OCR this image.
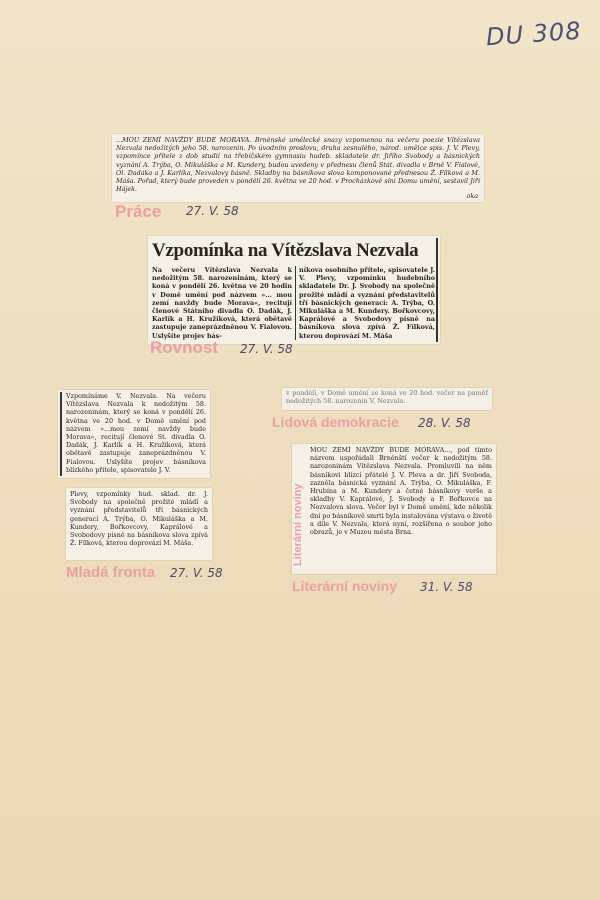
DU 308
...MOU ZEMÍ NAVŽDY BUDE MORAVA. Brněnské umělecké snazy vzpomenou na večeru poezie Vítězslava Nezvala nedožitých jeho 58. narozenin. Po úvodním proslovu, druha zesnulého, národ. umělce spis. J. V. Plevy, vzpomínce přítele z dob studií na třebíčském gymnasiu hudeb. skladatele dr. Jiřího Svobody a básnických vyznání A. Trýba, O. Mikuláška a M. Kundery, budou uvedeny v přednesu členů Stát. divadla v Brně V. Fialové, Ol. Dadáka a J. Karlíka, Nezvalovy básně. Skladby na básníkova slova komponované přednesou Ž. Fílková a M. Máša. Pořad, který bude proveden v pondělí 26. května ve 20 hod. v Procházkově síni Domu umění, sestavil Jiří Hájek.
oka
Práce 27. V. 58
Vzpomínka na Vítězslava Nezvala
Na večeru Vítězslava Nezvala k nedožitým 58. narozeninám, který se koná v pondělí 26. května ve 20 hodin v Domě umění pod názvem »... mou zemí navždy bude Morava«, recitují členové Státního divadla O. Dadák, J. Karlík a H. Kružíková, která obětavě zastupuje zaneprázdněnou V. Fialovou. Uslyšíte projev bás-
níkova osobního přítele, spisovatele J. V. Plevy, vzpomínku hudebního skladatele Dr. J. Svobody na společně prožité mládí a vyznání představitelů tří básnických generací: A. Trýba, O. Mikuláška a M. Kundery. Bořkovcovy, Kaprálové a Svobodovy písně na básníkova slova zpívá Ž. Fílková, kterou doprovází M. Máša
Rovnost 27. V. 58
Vzpomínáme V. Nezvala. Na večeru Vítězslava Nezvala k nedožitým 58. narozeninám, který se koná v pondělí 26. května ve 20 hod. v Domě umění pod názvem »...mou zemí navždy bude Morava«, recitují členové St. divadla O. Dadák, J. Karlík a H. Kružíková, která obětavě zastupuje zaneprázdněnou V. Fialovou. Uslyšíte projev básníkova blízkého přítele, spisovatele J. V.
Plevy, vzpomínky hud. sklad. dr. J. Svobody na společně prožité mládí a vyznání představitelů tří básnických generací A. Trýba, O. Mikuláška a M. Kundery, Bořkovcovy, Kaprálové a Svobodovy písně na básníkova slova zpívá Ž. Fílková, kterou doprovází M. Máša.
Mladá fronta 27. V. 58
v pondělí, v Domě umění se koná ve 20 hod. večer na paměť nedožitých 58. narozenin V. Nezvala.
Lidová demokracie 28. V. 58
MOU ZEMÍ NAVŽDY BUDE MORAVA..., pod tímto názvem uspořádali Brněnští večer k nedožitým 58. narozeninám Vítězslava Nezvala. Promluvili na něm básníkovi blízcí přátelé J. V. Pleva a dr. Jiří Svoboda, zazněla básnická vyznání A. Trýba, O. Mikuláška, F. Hrubína a M. Kundery a četné básníkovy verše a skladby V. Kaprálové, J. Svobody a P. Bořkovce na Nezvalova slova. Večer byl v Domě umění, kde několik dní po básníkově smrti byla instalována výstava o životě a díle V. Nezvala, která nyní, rozšířena o soubor jeho obrazů, je v Muzeu města Brna.
Literární noviny
Literární noviny 31. V. 58
